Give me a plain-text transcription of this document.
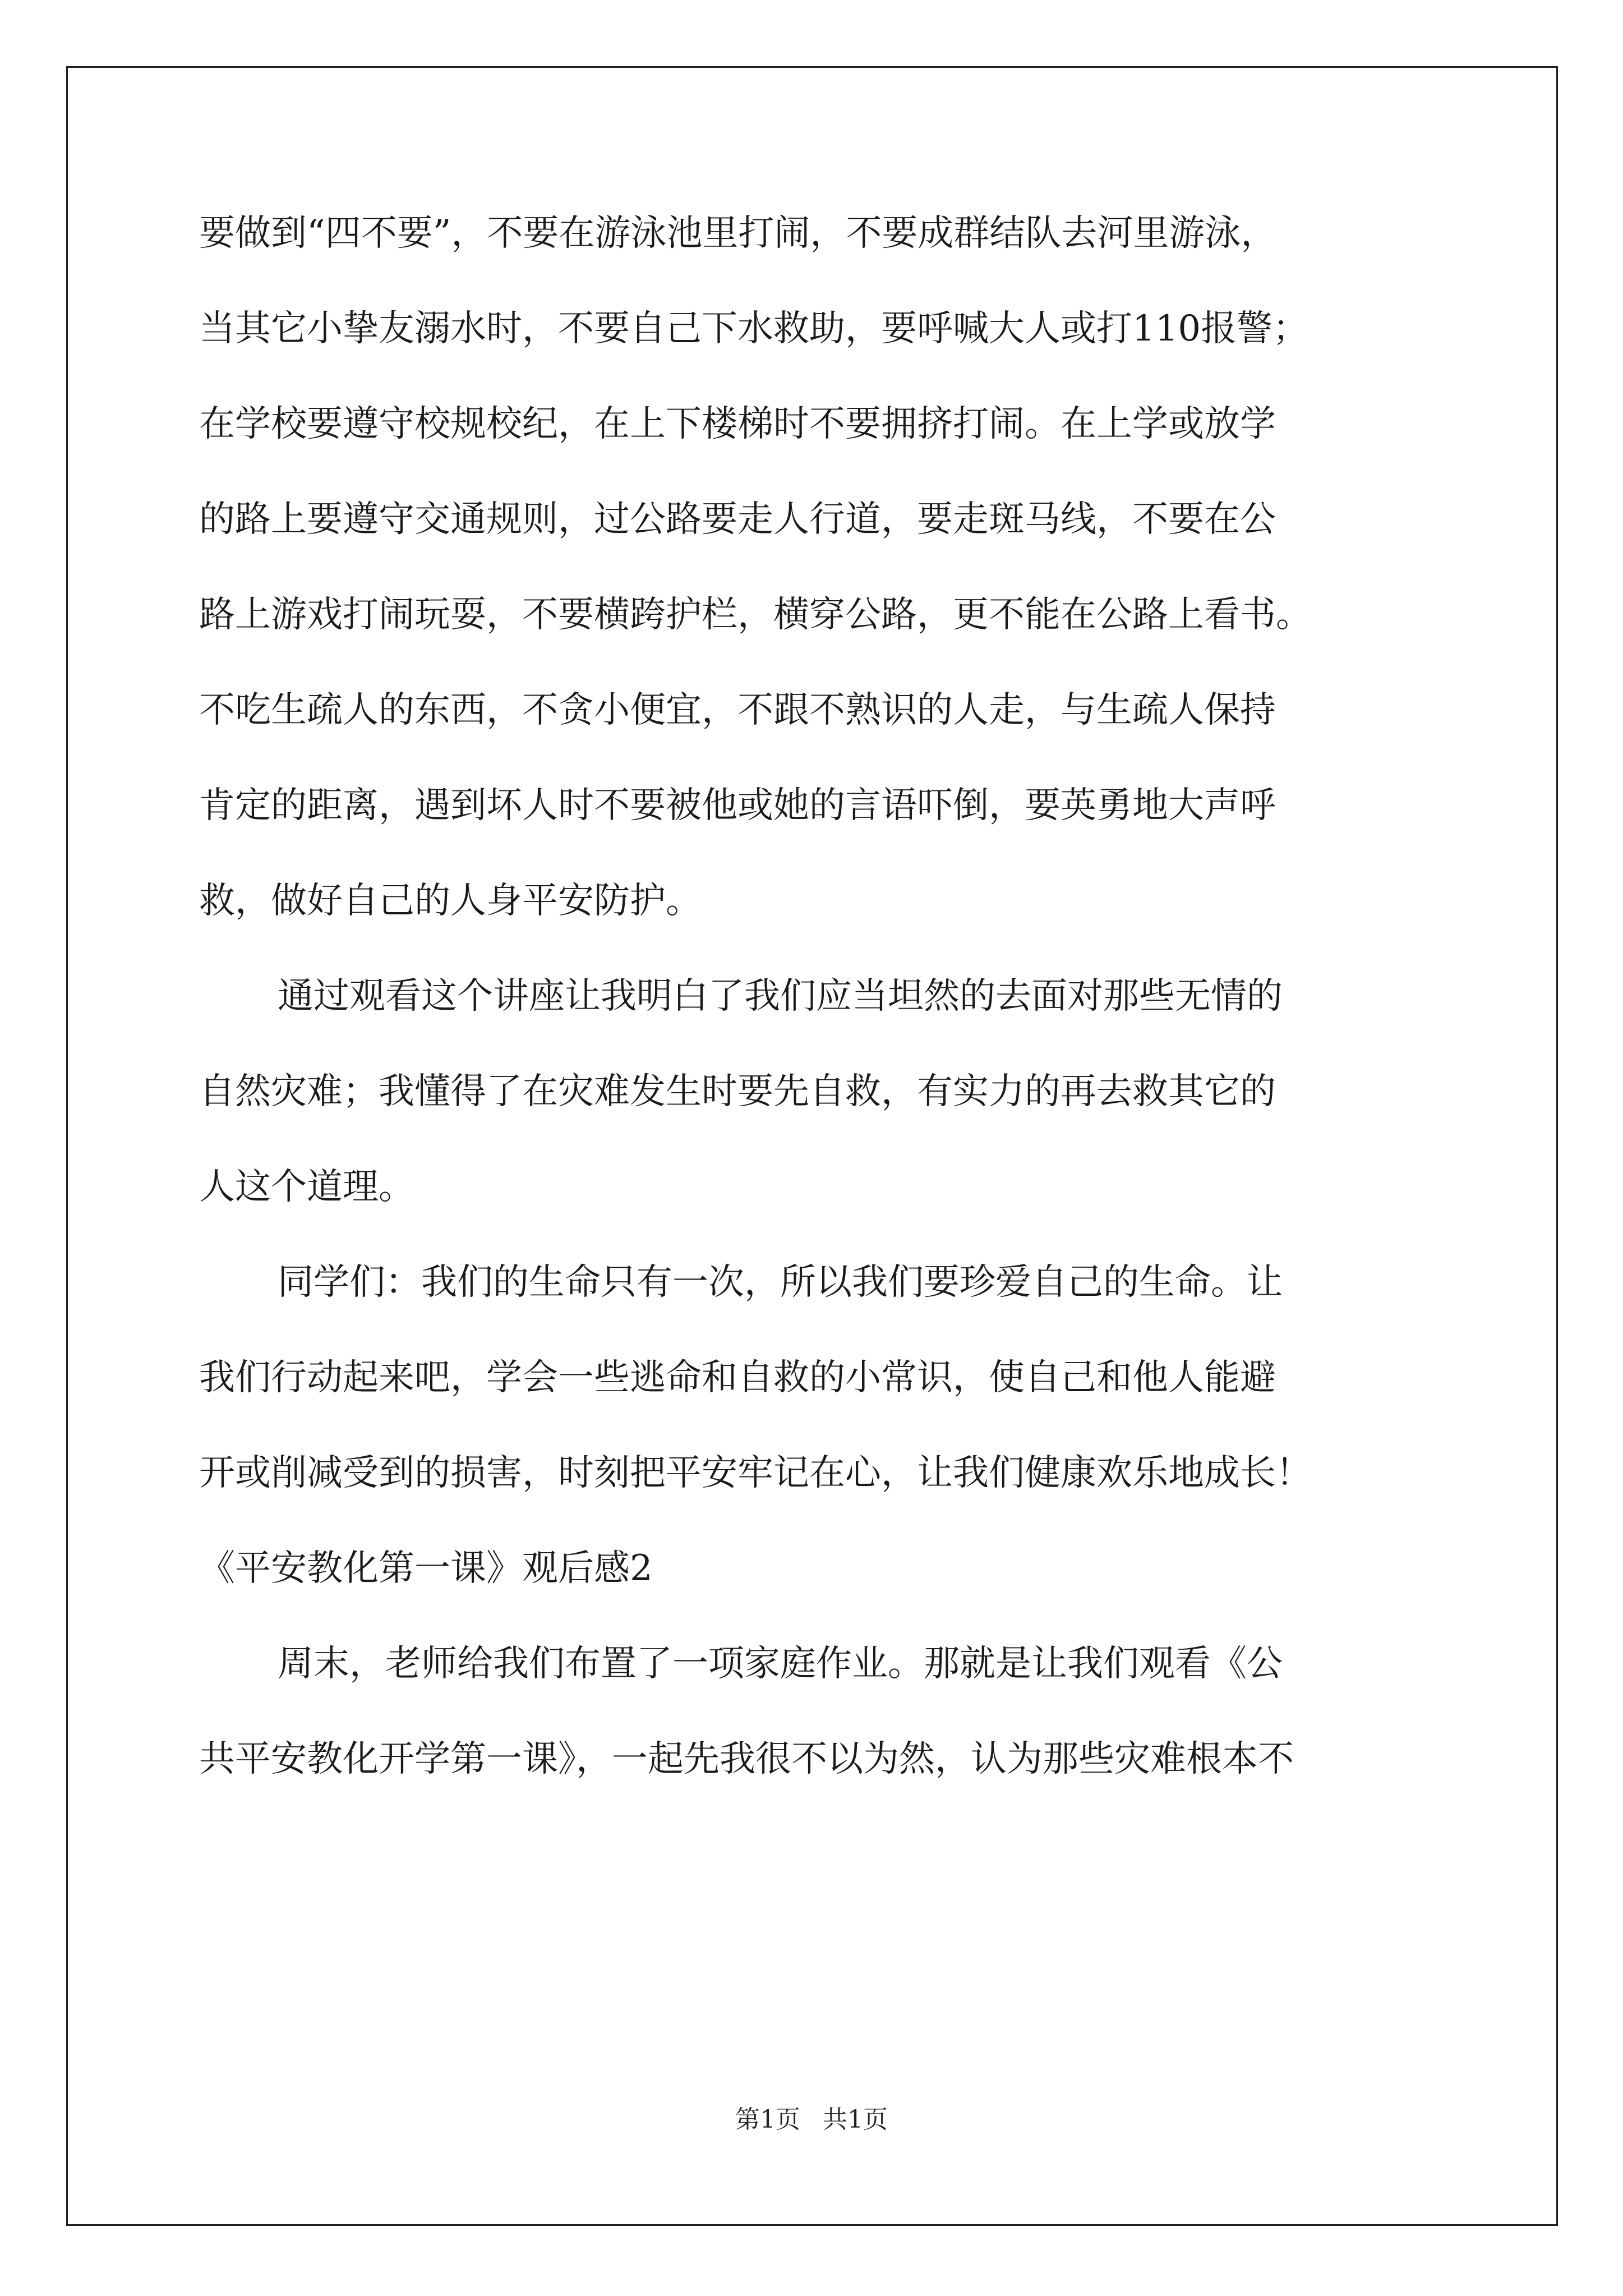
要做到“四不要”，不要在游泳池里打闹，不要成群结队去河里游泳，
当其它小挚友溺水时，不要自己下水救助，要呼喊大人或打110报警；
在学校要遵守校规校纪，在上下楼梯时不要拥挤打闹。在上学或放学
的路上要遵守交通规则，过公路要走人行道，要走斑马线，不要在公
路上游戏打闹玩耍，不要横跨护栏，横穿公路，更不能在公路上看书。
不吃生疏人的东西，不贪小便宜，不跟不熟识的人走，与生疏人保持
肯定的距离，遇到坏人时不要被他或她的言语吓倒，要英勇地大声呼
救，做好自己的人身平安防护。
通过观看这个讲座让我明白了我们应当坦然的去面对那些无情的
自然灾难；我懂得了在灾难发生时要先自救，有实力的再去救其它的
人这个道理。
同学们：我们的生命只有一次，所以我们要珍爱自己的生命。让
我们行动起来吧，学会一些逃命和自救的小常识，使自己和他人能避
开或削减受到的损害，时刻把平安牢记在心，让我们健康欢乐地成长！
《平安教化第一课》观后感2
周末，老师给我们布置了一项家庭作业。那就是让我们观看《公
共平安教化开学第一课》，一起先我很不以为然，认为那些灾难根本不
第1页 共1页
